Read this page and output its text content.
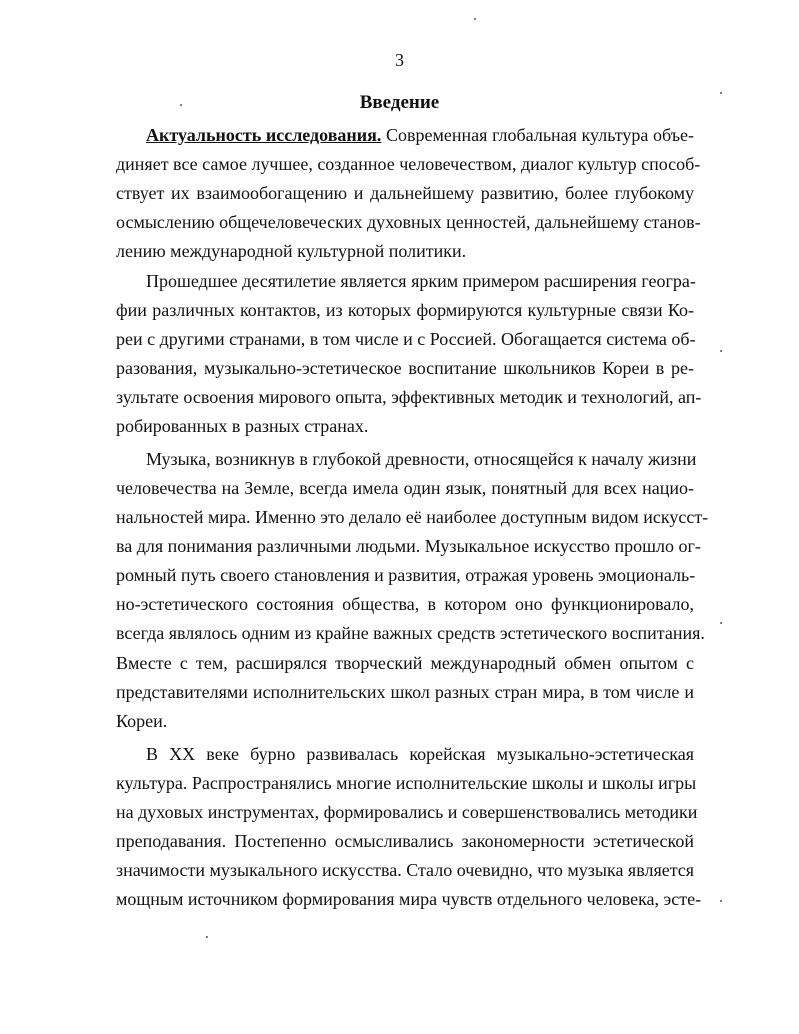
3
Введение
Актуальность исследования. Современная глобальная культура объе-
диняет все самое лучшее, созданное человечеством, диалог культур способ-
ствует их взаимообогащению и дальнейшему развитию, более глубокому
осмыслению общечеловеческих духовных ценностей, дальнейшему станов-
лению международной культурной политики.
Прошедшее десятилетие является ярким примером расширения геогра-
фии различных контактов, из которых формируются культурные связи Ко-
реи с другими странами, в том числе и с Россией. Обогащается система об-
разования, музыкально-эстетическое воспитание школьников Кореи в ре-
зультате освоения мирового опыта, эффективных методик и технологий, ап-
робированных в разных странах.
Музыка, возникнув в глубокой древности, относящейся к началу жизни
человечества на Земле, всегда имела один язык, понятный для всех нацио-
нальностей мира. Именно это делало её наиболее доступным видом искусст-
ва для понимания различными людьми. Музыкальное искусство прошло ог-
ромный путь своего становления и развития, отражая уровень эмоциональ-
но-эстетического состояния общества, в котором оно функционировало,
всегда являлось одним из крайне важных средств эстетического воспитания.
Вместе с тем, расширялся творческий международный обмен опытом с
представителями исполнительских школ разных стран мира, в том числе и
Кореи.
В XX веке бурно развивалась корейская музыкально-эстетическая
культура. Распространялись многие исполнительские школы и школы игры
на духовых инструментах, формировались и совершенствовались методики
преподавания. Постепенно осмысливались закономерности эстетической
значимости музыкального искусства. Стало очевидно, что музыка является
мощным источником формирования мира чувств отдельного человека, эсте-
